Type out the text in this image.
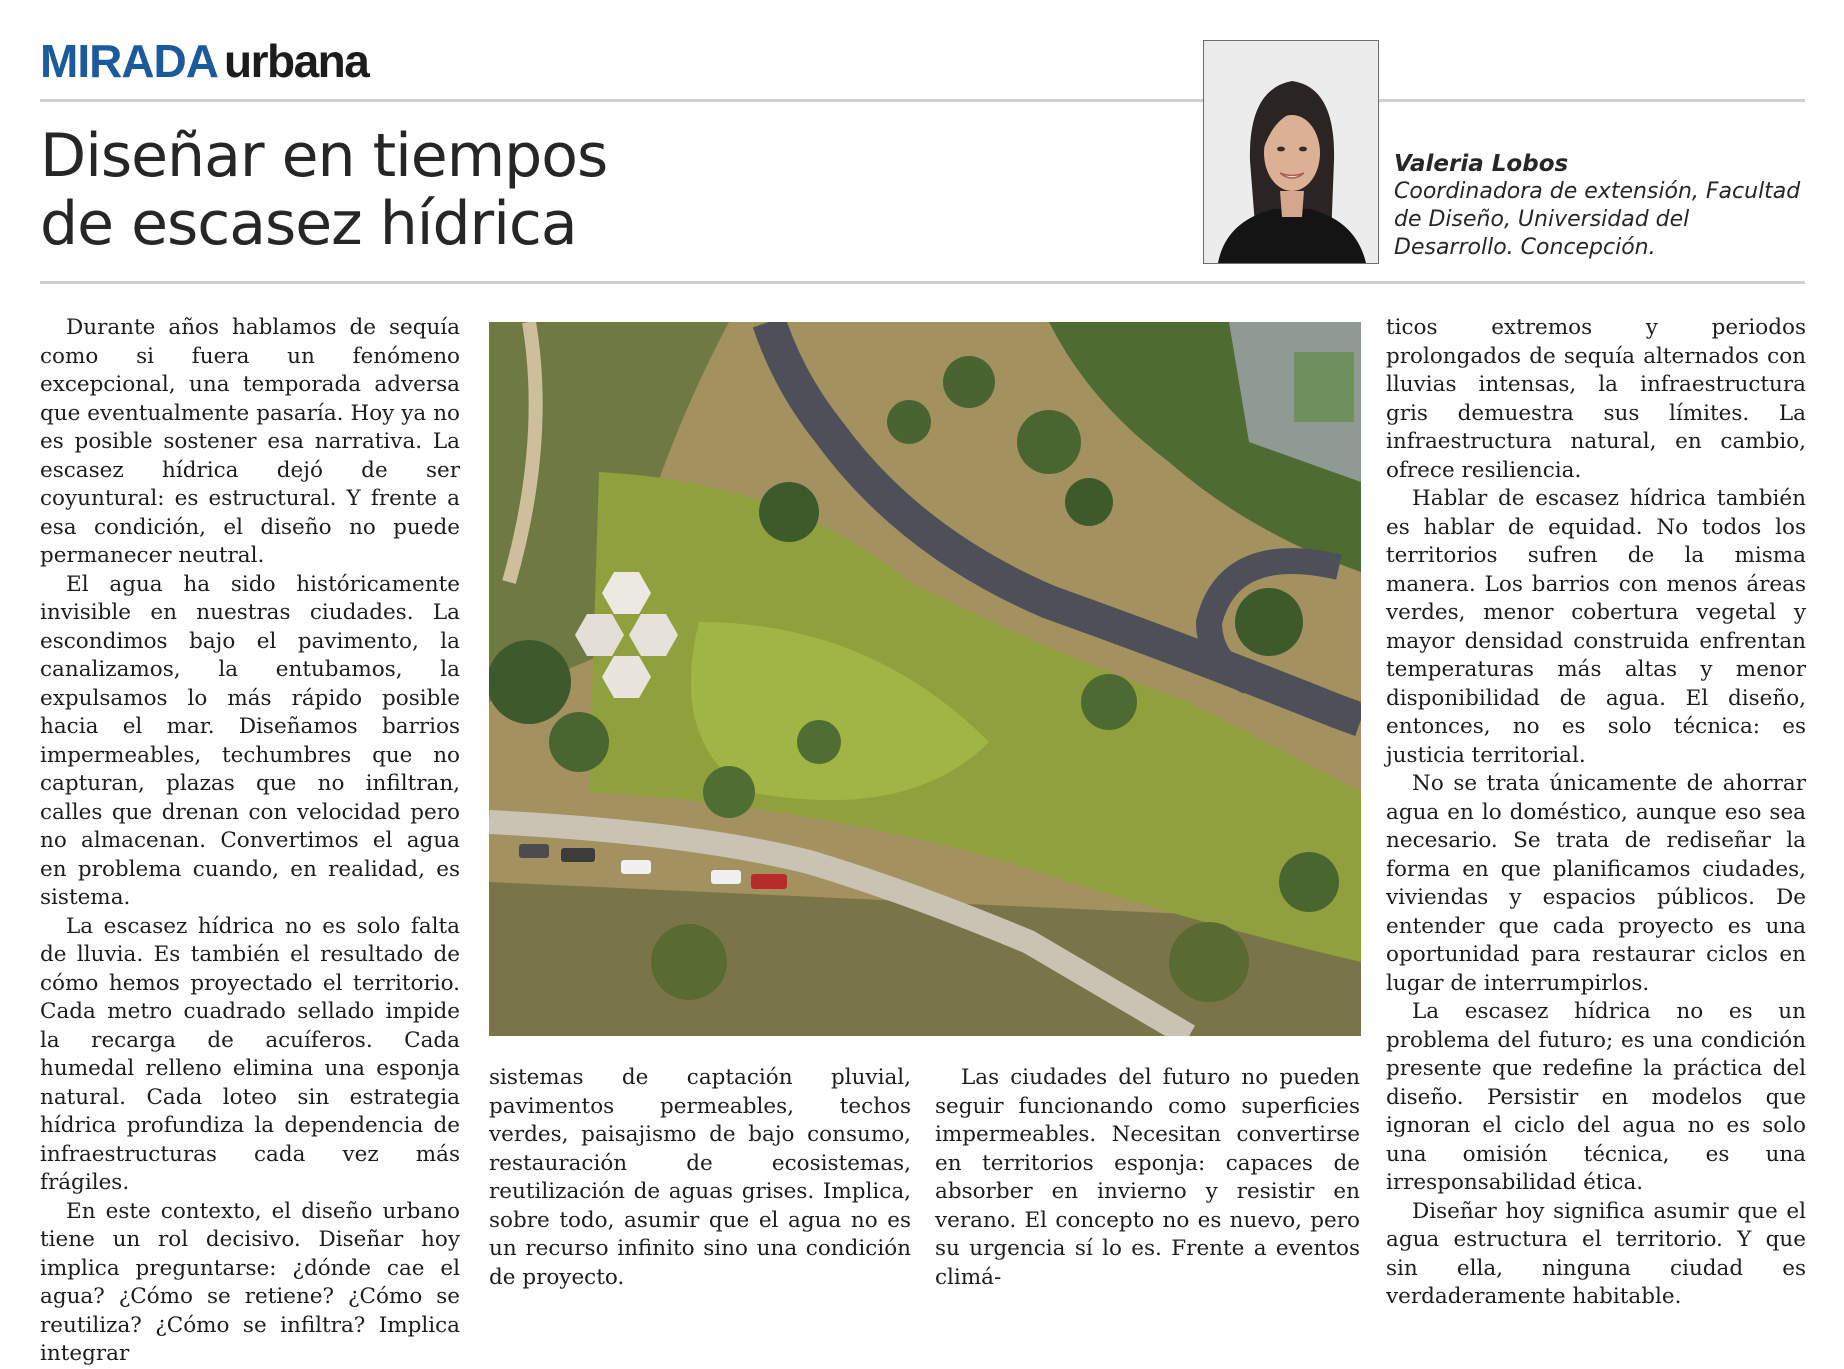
MIRADA urbana
Diseñar en tiempos
de escasez hídrica
Valeria Lobos
Coordinadora de extensión, Facultad de Diseño, Universidad del Desarrollo. Concepción.

Durante años hablamos de sequía como si fuera un fenómeno excepcional, una temporada adversa que eventualmente pasaría. Hoy ya no es posible sostener esa narrativa. La escasez hídrica dejó de ser coyuntural: es estructural. Y frente a esa condición, el diseño no puede permanecer neutral.

El agua ha sido históricamente invisible en nuestras ciudades. La escondimos bajo el pavimento, la canalizamos, la entubamos, la expulsamos lo más rápido posible hacia el mar. Diseñamos barrios impermeables, techumbres que no capturan, plazas que no infiltran, calles que drenan con velocidad pero no almacenan. Convertimos el agua en problema cuando, en realidad, es sistema.

La escasez hídrica no es solo falta de lluvia. Es también el resultado de cómo hemos proyectado el territorio. Cada metro cuadrado sellado impide la recarga de acuíferos. Cada humedal relleno elimina una esponja natural. Cada loteo sin estrategia hídrica profundiza la dependencia de infraestructuras cada vez más frágiles.

En este contexto, el diseño urbano tiene un rol decisivo. Diseñar hoy implica preguntarse: ¿dónde cae el agua? ¿Cómo se retiene? ¿Cómo se reutiliza? ¿Cómo se infiltra? Implica integrar

sistemas de captación pluvial, pavimentos permeables, techos verdes, paisajismo de bajo consumo, restauración de ecosistemas, reutilización de aguas grises. Implica, sobre todo, asumir que el agua no es un recurso infinito sino una condición de proyecto.

Las ciudades del futuro no pueden seguir funcionando como superficies impermeables. Necesitan convertirse en territorios esponja: capaces de absorber en invierno y resistir en verano. El concepto no es nuevo, pero su urgencia sí lo es. Frente a eventos climá-

ticos extremos y periodos prolongados de sequía alternados con lluvias intensas, la infraestructura gris demuestra sus límites. La infraestructura natural, en cambio, ofrece resiliencia.

Hablar de escasez hídrica también es hablar de equidad. No todos los territorios sufren de la misma manera. Los barrios con menos áreas verdes, menor cobertura vegetal y mayor densidad construida enfrentan temperaturas más altas y menor disponibilidad de agua. El diseño, entonces, no es solo técnica: es justicia territorial.

No se trata únicamente de ahorrar agua en lo doméstico, aunque eso sea necesario. Se trata de rediseñar la forma en que planificamos ciudades, viviendas y espacios públicos. De entender que cada proyecto es una oportunidad para restaurar ciclos en lugar de interrumpirlos.

La escasez hídrica no es un problema del futuro; es una condición presente que redefine la práctica del diseño. Persistir en modelos que ignoran el ciclo del agua no es solo una omisión técnica, es una irresponsabilidad ética.

Diseñar hoy significa asumir que el agua estructura el territorio. Y que sin ella, ninguna ciudad es verdaderamente habitable.
